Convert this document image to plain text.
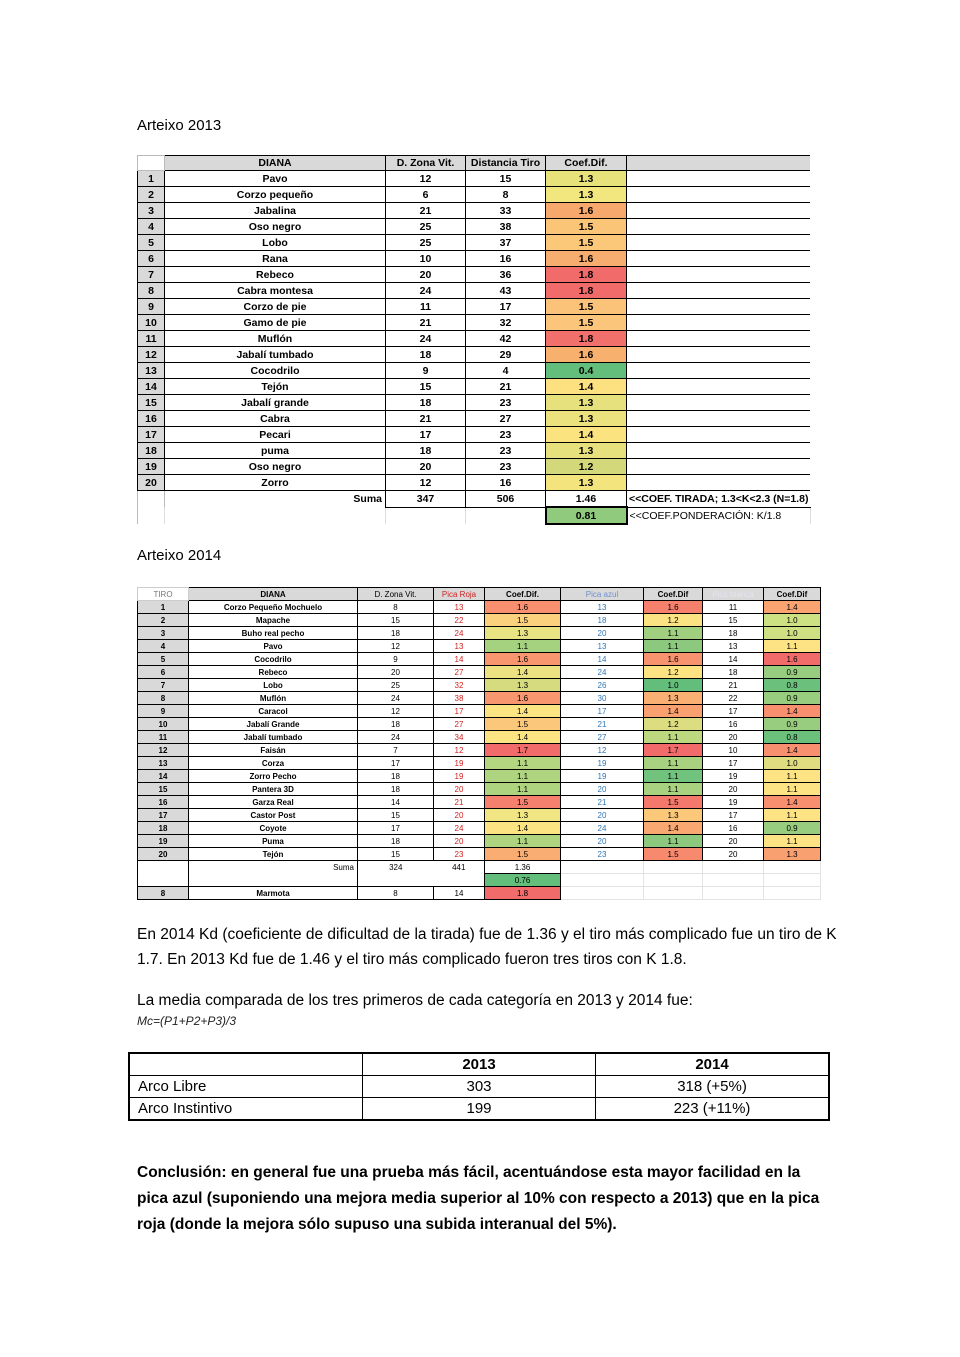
Arteixo 2013
	DIANA	D. Zona Vit.	Distancia Tiro	Coef.Dif.	
1	Pavo	12	15	1.3	
2	Corzo pequeño	6	8	1.3	
3	Jabalina	21	33	1.6	
4	Oso negro	25	38	1.5	
5	Lobo	25	37	1.5	
6	Rana	10	16	1.6	
7	Rebeco	20	36	1.8	
8	Cabra montesa	24	43	1.8	
9	Corzo de pie	11	17	1.5	
10	Gamo de pie	21	32	1.5	
11	Muflón	24	42	1.8	
12	Jabalí tumbado	18	29	1.6	
13	Cocodrilo	9	4	0.4	
14	Tejón	15	21	1.4	
15	Jabalí grande	18	23	1.3	
16	Cabra	21	27	1.3	
17	Pecari	17	23	1.4	
18	puma	18	23	1.3	
19	Oso negro	20	23	1.2	
20	Zorro	12	16	1.3	
	Suma	347	506	1.46	<<COEF. TIRADA; 1.3<K<2.3 (N=1.8)
				0.81	<<COEF.PONDERACIÓN: K/1.8
Arteixo 2014
TIRO	DIANA	D. Zona Vit.	Pica Roja	Coef.Dif.	Pica azul	Coef.Dif	Pica blanca	Coef.Dif
1	Corzo Pequeño Mochuelo	8	13	1.6	13	1.6	11	1.4
2	Mapache	15	22	1.5	18	1.2	15	1.0
3	Buho real pecho	18	24	1.3	20	1.1	18	1.0
4	Pavo	12	13	1.1	13	1.1	13	1.1
5	Cocodrilo	9	14	1.6	14	1.6	14	1.6
6	Rebeco	20	27	1.4	24	1.2	18	0.9
7	Lobo	25	32	1.3	26	1.0	21	0.8
8	Muflón	24	38	1.6	30	1.3	22	0.9
9	Caracol	12	17	1.4	17	1.4	17	1.4
10	Jabalí Grande	18	27	1.5	21	1.2	16	0.9
11	Jabalí tumbado	24	34	1.4	27	1.1	20	0.8
12	Faisán	7	12	1.7	12	1.7	10	1.4
13	Corza	17	19	1.1	19	1.1	17	1.0
14	Zorro Pecho	18	19	1.1	19	1.1	19	1.1
15	Pantera 3D	18	20	1.1	20	1.1	20	1.1
16	Garza Real	14	21	1.5	21	1.5	19	1.4
17	Castor Post	15	20	1.3	20	1.3	17	1.1
18	Coyote	17	24	1.4	24	1.4	16	0.9
19	Puma	18	20	1.1	20	1.1	20	1.1
20	Tejón	15	23	1.5	23	1.5	20	1.3
	Suma	324	441	1.36				
				0.76				
8	Marmota	8	14	1.8				
En 2014 Kd (coeficiente de dificultad de la tirada) fue de 1.36 y el tiro más complicado fue un tiro de K 1.7. En 2013 Kd fue de 1.46 y el tiro más complicado fueron tres tiros con K 1.8.
La media comparada de los tres primeros de cada categoría en 2013 y 2014 fue:
Mc=(P1+P2+P3)/3
	2013	2014
Arco Libre	303	318 (+5%)
Arco Instintivo	199	223 (+11%)
Conclusión: en general fue una prueba más fácil, acentuándose esta mayor facilidad en la pica azul (suponiendo una mejora media superior al 10% con respecto a 2013) que en la pica roja (donde la mejora sólo supuso una subida interanual del 5%).
